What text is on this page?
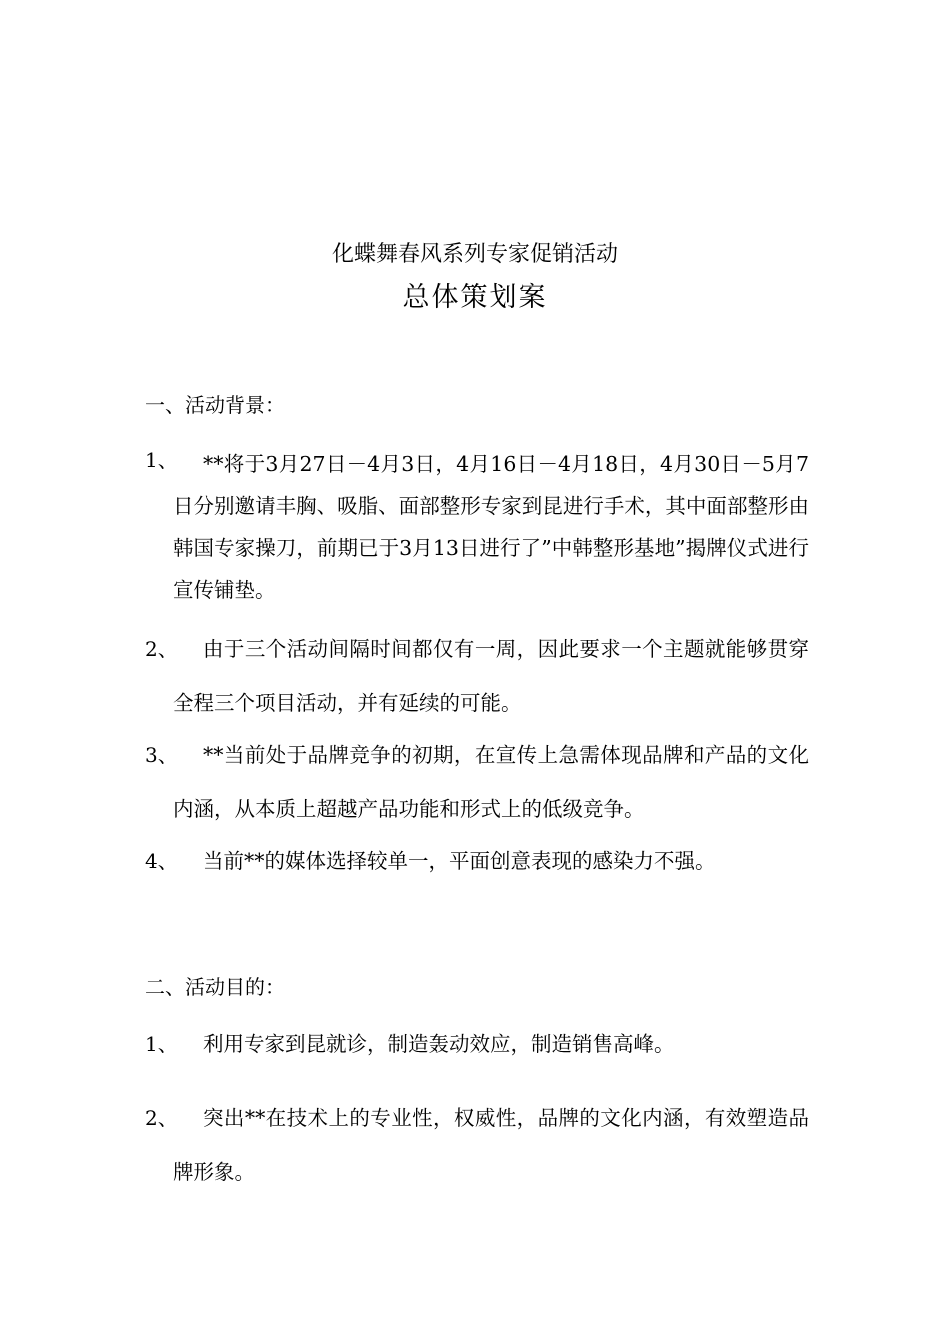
化蝶舞春风系列专家促销活动
总体策划案
一、活动背景：
1、	**将于3月27日－4月3日，4月16日－4月18日，4月30日－5月7日分别邀请丰胸、吸脂、面部整形专家到昆进行手术，其中面部整形由韩国专家操刀，前期已于3月13日进行了”中韩整形基地”揭牌仪式进行宣传铺垫。
2、	由于三个活动间隔时间都仅有一周，因此要求一个主题就能够贯穿全程三个项目活动，并有延续的可能。
3、	**当前处于品牌竞争的初期，在宣传上急需体现品牌和产品的文化内涵，从本质上超越产品功能和形式上的低级竞争。
4、	当前**的媒体选择较单一，平面创意表现的感染力不强。
二、活动目的：
1、	利用专家到昆就诊，制造轰动效应，制造销售高峰。
2、	突出**在技术上的专业性，权威性，品牌的文化内涵，有效塑造品牌形象。
